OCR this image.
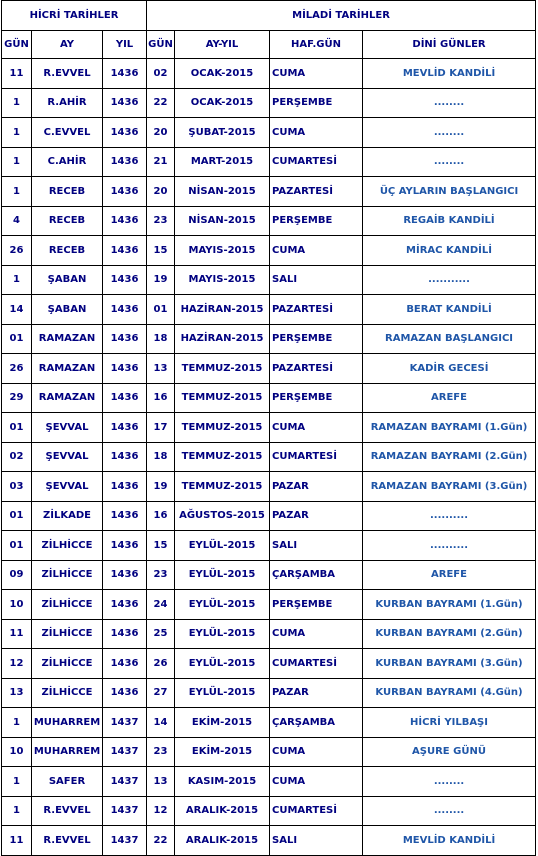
HİCRİ TARİHLER			MİLADİ TARİHLER			
GÜN	AY	YIL	GÜN	AY-YIL	HAF.GÜN	DİNİ GÜNLER
11	R.EVVEL	1436	02	OCAK-2015	CUMA	MEVLİD KANDİLİ
1	R.AHİR	1436	22	OCAK-2015	PERŞEMBE	........
1	C.EVVEL	1436	20	ŞUBAT-2015	CUMA	........
1	C.AHİR	1436	21	MART-2015	CUMARTESİ	........
1	RECEB	1436	20	NİSAN-2015	PAZARTESİ	ÜÇ AYLARIN BAŞLANGICI
4	RECEB	1436	23	NİSAN-2015	PERŞEMBE	REGAİB KANDİLİ
26	RECEB	1436	15	MAYIS-2015	CUMA	MİRAC KANDİLİ
1	ŞABAN	1436	19	MAYIS-2015	SALI	...........
14	ŞABAN	1436	01	HAZİRAN-2015	PAZARTESİ	BERAT KANDİLİ
01	RAMAZAN	1436	18	HAZİRAN-2015	PERŞEMBE	RAMAZAN BAŞLANGICI
26	RAMAZAN	1436	13	TEMMUZ-2015	PAZARTESİ	KADİR GECESİ
29	RAMAZAN	1436	16	TEMMUZ-2015	PERŞEMBE	AREFE
01	ŞEVVAL	1436	17	TEMMUZ-2015	CUMA	RAMAZAN BAYRAMI (1.Gün)
02	ŞEVVAL	1436	18	TEMMUZ-2015	CUMARTESİ	RAMAZAN BAYRAMI (2.Gün)
03	ŞEVVAL	1436	19	TEMMUZ-2015	PAZAR	RAMAZAN BAYRAMI (3.Gün)
01	ZİLKADE	1436	16	AĞUSTOS-2015	PAZAR	..........
01	ZİLHİCCE	1436	15	EYLÜL-2015	SALI	..........
09	ZİLHİCCE	1436	23	EYLÜL-2015	ÇARŞAMBA	AREFE
10	ZİLHİCCE	1436	24	EYLÜL-2015	PERŞEMBE	KURBAN BAYRAMI (1.Gün)
11	ZİLHİCCE	1436	25	EYLÜL-2015	CUMA	KURBAN BAYRAMI (2.Gün)
12	ZİLHİCCE	1436	26	EYLÜL-2015	CUMARTESİ	KURBAN BAYRAMI (3.Gün)
13	ZİLHİCCE	1436	27	EYLÜL-2015	PAZAR	KURBAN BAYRAMI (4.Gün)
1	MUHARREM	1437	14	EKİM-2015	ÇARŞAMBA	HİCRİ YILBAŞI
10	MUHARREM	1437	23	EKİM-2015	CUMA	AŞURE GÜNÜ
1	SAFER	1437	13	KASIM-2015	CUMA	........
1	R.EVVEL	1437	12	ARALIK-2015	CUMARTESİ	........
11	R.EVVEL	1437	22	ARALIK-2015	SALI	MEVLİD KANDİLİ
